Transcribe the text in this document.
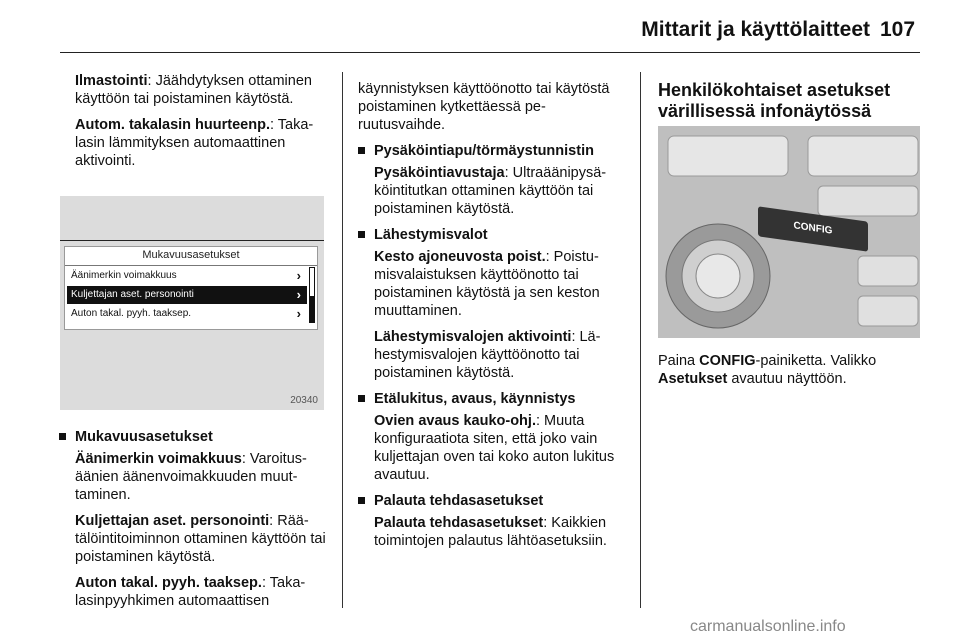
Mittarit ja käyttölaitteet 107

Ilmastointi: Jäähdytyksen ottaminen käyttöön tai poistaminen käytöstä.

Autom. takalasin huurteenp.: Takalasin lämmityksen automaattinen aktivointi.

Mukavuusasetukset
Äänimerkin voimakkuus	›
Kuljettajan aset. personointi	›
Auton takal. pyyh. taaksep.	›
20340
Mukavuusasetukset

Äänimerkin voimakkuus: Varoitusäänien äänenvoimakkuuden muuttaminen.

Kuljettajan aset. personointi: Räätälöintitoiminnon ottaminen käyttöön tai poistaminen käytöstä.

Auton takal. pyyh. taaksep.: Takalasinpyyhkimen automaattisen

käynnistyksen käyttöönotto tai käytöstä poistaminen kytkettäessä peruutusvaihde.

Pysäköintiapu/törmäystunnistin

Pysäköintiavustaja: Ultraäänipysäköintitutkan ottaminen käyttöön tai poistaminen käytöstä.

Lähestymisvalot

Kesto ajoneuvosta poist.: Poistumisvalaistuksen käyttöönotto tai poistaminen käytöstä ja sen keston muuttaminen.

Lähestymisvalojen aktivointi: Lähestymisvalojen käyttöönotto tai poistaminen käytöstä.

Etälukitus, avaus, käynnistys

Ovien avaus kauko-ohj.: Muuta konfiguraatiota siten, että joko vain kuljettajan oven tai koko auton lukitus avautuu.

Palauta tehdasasetukset

Palauta tehdasasetukset: Kaikkien toimintojen palautus lähtöasetuksiin.

Henkilökohtaiset asetukset värillisessä infonäytössä
CONFIG

Paina CONFIG-painiketta. Valikko Asetukset avautuu näyttöön.

carmanualsonline.info
